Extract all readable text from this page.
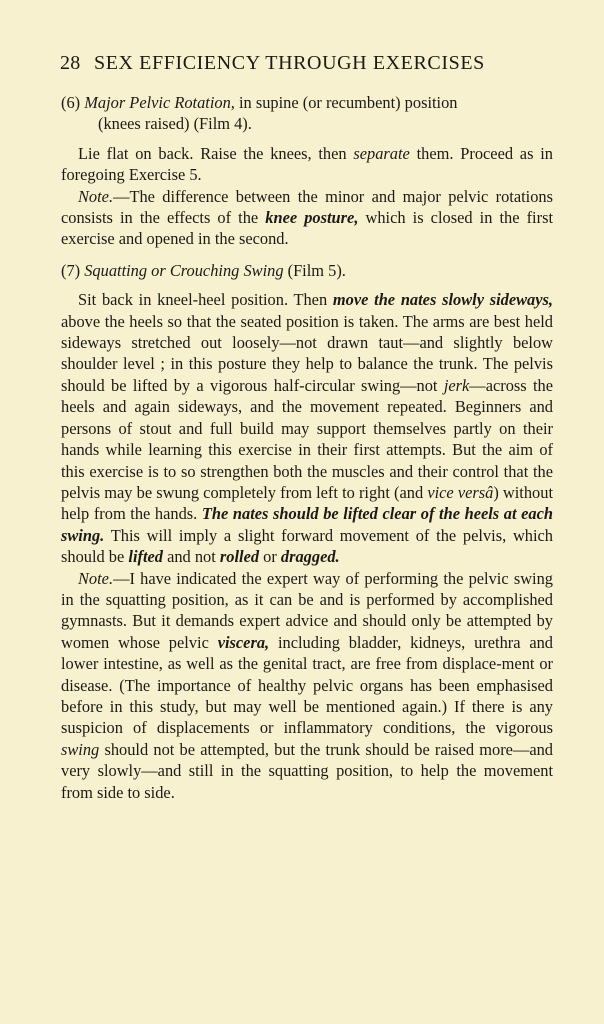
28 SEX EFFICIENCY THROUGH EXERCISES

(6) Major Pelvic Rotation, in supine (or recumbent) position
(knees raised) (Film 4).

Lie flat on back. Raise the knees, then separate them. Proceed as in foregoing Exercise 5.

Note.—The difference between the minor and major pelvic rotations consists in the effects of the knee posture, which is closed in the first exercise and opened in the second.

(7) Squatting or Crouching Swing (Film 5).

Sit back in kneel-heel position. Then move the nates slowly sideways, above the heels so that the seated position is taken. The arms are best held sideways stretched out loosely—not drawn taut—and slightly below shoulder level ; in this posture they help to balance the trunk. The pelvis should be lifted by a vigorous half-circular swing—not jerk—across the heels and again sideways, and the movement repeated. Beginners and persons of stout and full build may support themselves partly on their hands while learning this exercise in their first attempts. But the aim of this exercise is to so strengthen both the muscles and their control that the pelvis may be swung completely from left to right (and vice versâ) without help from the hands. The nates should be lifted clear of the heels at each swing. This will imply a slight forward movement of the pelvis, which should be lifted and not rolled or dragged.

Note.—I have indicated the expert way of performing the pelvic swing in the squatting position, as it can be and is performed by accomplished gymnasts. But it demands expert advice and should only be attempted by women whose pelvic viscera, including bladder, kidneys, urethra and lower intestine, as well as the genital tract, are free from displace-ment or disease. (The importance of healthy pelvic organs has been emphasised before in this study, but may well be mentioned again.) If there is any suspicion of displacements or inflammatory conditions, the vigorous swing should not be attempted, but the trunk should be raised more—and very slowly—and still in the squatting position, to help the movement from side to side.
